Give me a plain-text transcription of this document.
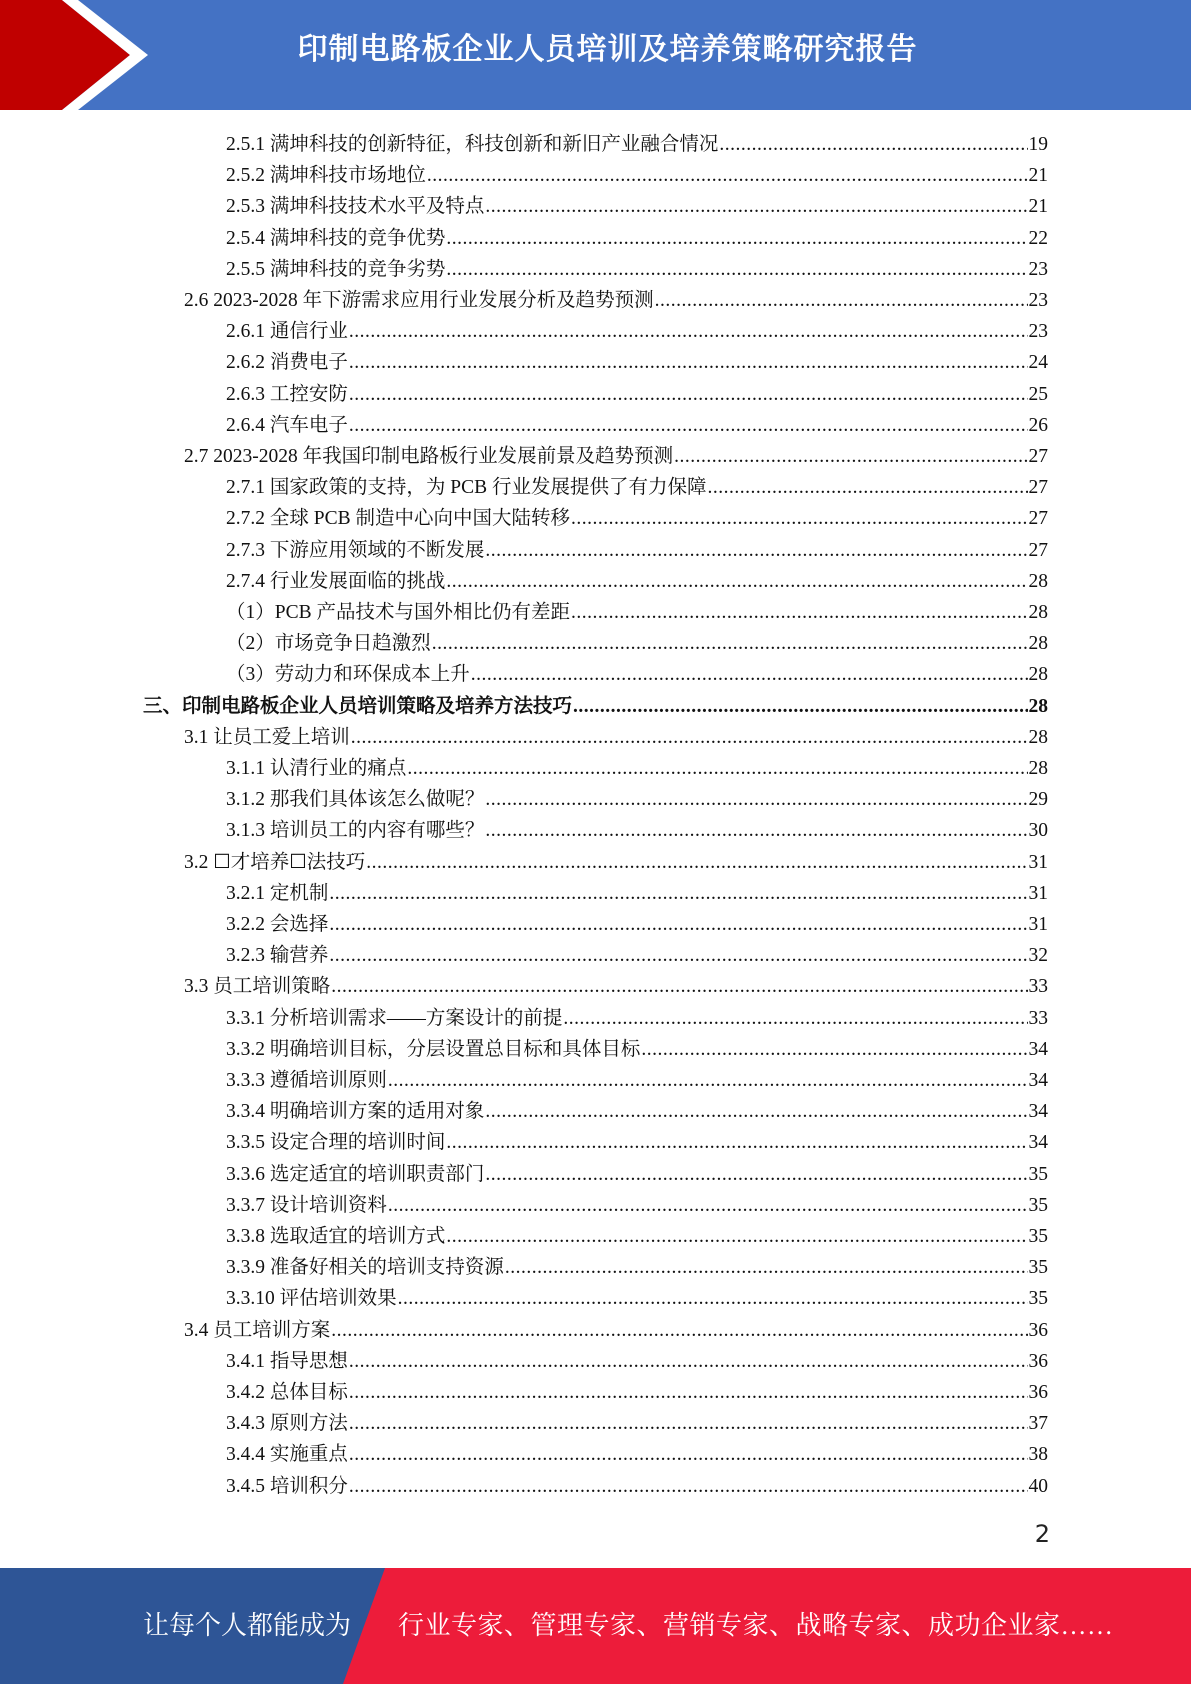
印制电路板企业人员培训及培养策略研究报告
2.5.1 满坤科技的创新特征，科技创新和新旧产业融合情况 .....	19
2.5.2 满坤科技市场地位 .....	21
2.5.3 满坤科技技术水平及特点 .....	21
2.5.4 满坤科技的竞争优势 .....	22
2.5.5 满坤科技的竞争劣势 .....	23
2.6 2023-2028 年下游需求应用行业发展分析及趋势预测 .....	23
2.6.1 通信行业 .....	23
2.6.2 消费电子 .....	24
2.6.3 工控安防 .....	25
2.6.4 汽车电子 .....	26
2.7 2023-2028 年我国印制电路板行业发展前景及趋势预测 .....	27
2.7.1 国家政策的支持，为 PCB 行业发展提供了有力保障 .....	27
2.7.2 全球 PCB 制造中心向中国大陆转移 .....	27
2.7.3 下游应用领域的不断发展 .....	27
2.7.4 行业发展面临的挑战 .....	28
（1）PCB 产品技术与国外相比仍有差距 .....	28
（2）市场竞争日趋激烈 .....	28
（3）劳动力和环保成本上升 .....	28
三、印制电路板企业人员培训策略及培养方法技巧 .....	28
3.1 让员工爱上培训 .....	28
3.1.1 认清行业的痛点 .....	28
3.1.2 那我们具体该怎么做呢？ .....	29
3.1.3 培训员工的内容有哪些？ .....	30
3.2 ☐才培养☐法技巧 .....	31
3.2.1 定机制 .....	31
3.2.2 会选择 .....	31
3.2.3 输营养 .....	32
3.3 员工培训策略 .....	33
3.3.1 分析培训需求——方案设计的前提 .....	33
3.3.2 明确培训目标，分层设置总目标和具体目标 .....	34
3.3.3 遵循培训原则 .....	34
3.3.4 明确培训方案的适用对象 .....	34
3.3.5 设定合理的培训时间 .....	34
3.3.6 选定适宜的培训职责部门 .....	35
3.3.7 设计培训资料 .....	35
3.3.8 选取适宜的培训方式 .....	35
3.3.9 准备好相关的培训支持资源 .....	35
3.3.10 评估培训效果 .....	35
3.4 员工培训方案 .....	36
3.4.1 指导思想 .....	36
3.4.2 总体目标 .....	36
3.4.3 原则方法 .....	37
3.4.4 实施重点 .....	38
3.4.5 培训积分 .....	40
2
让每个人都能成为 行业专家、管理专家、营销专家、战略专家、成功企业家……
